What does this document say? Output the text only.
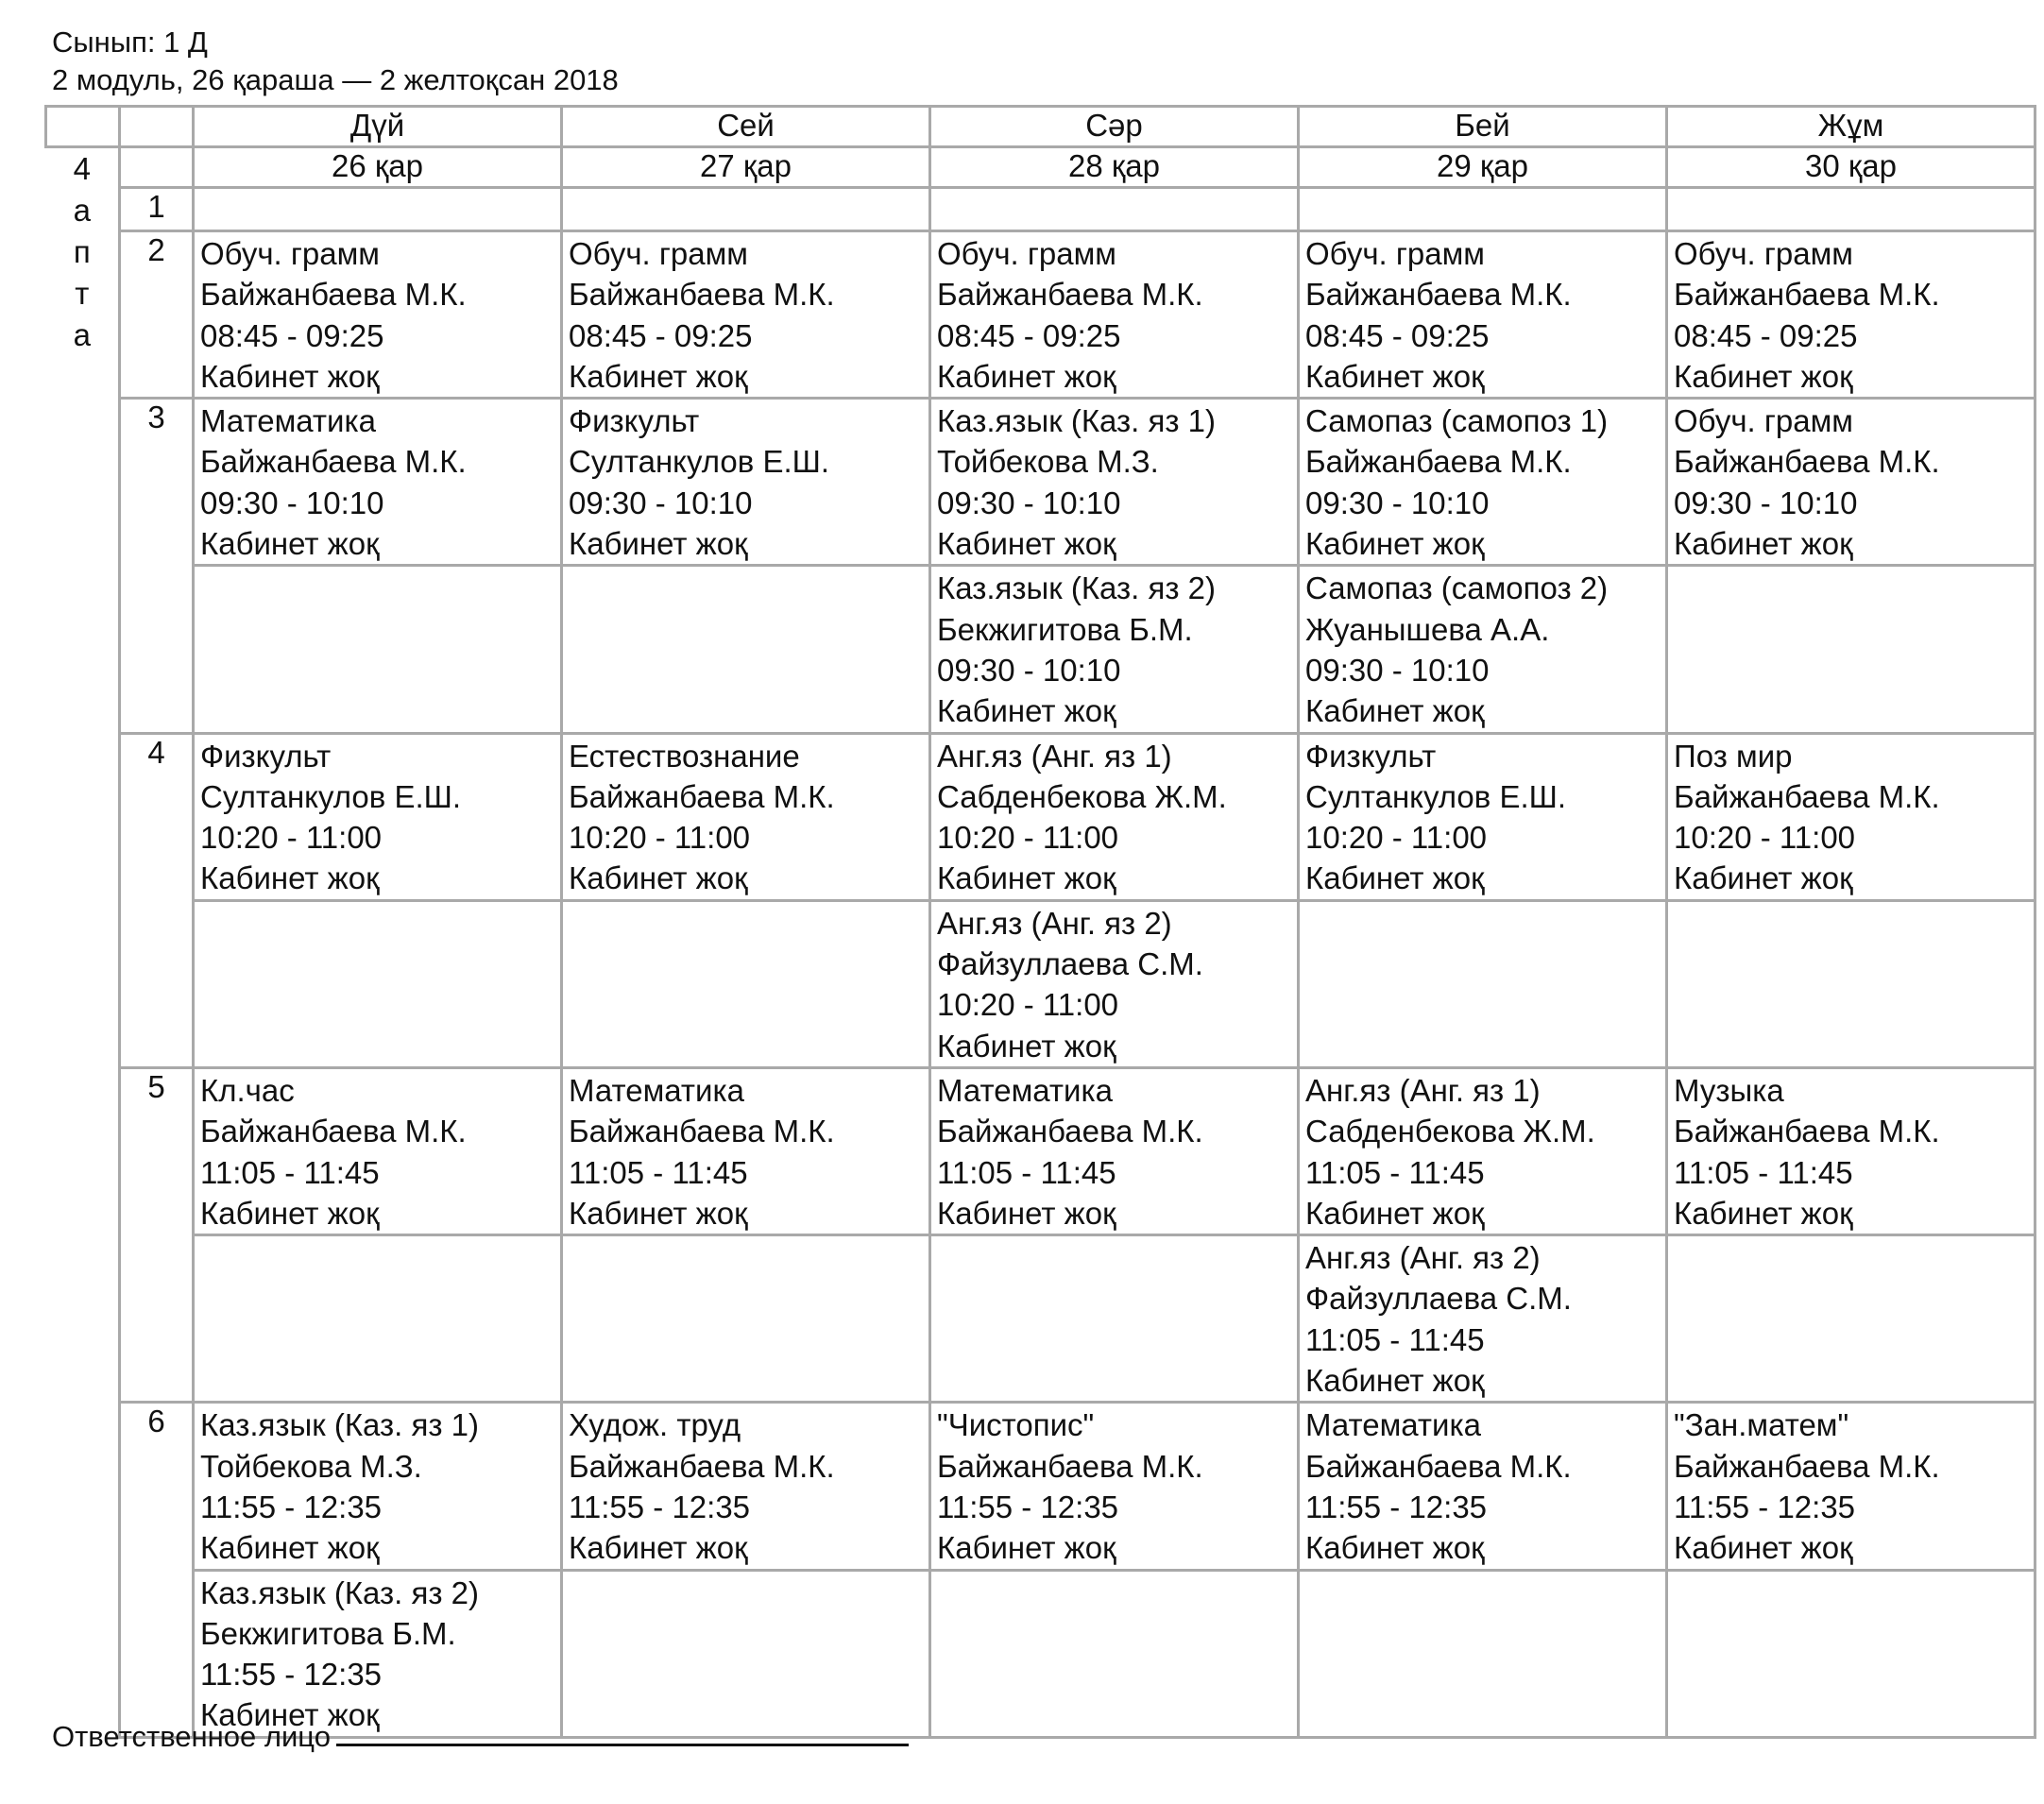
Сынып: 1 Д
2 модуль, 26 қараша — 2 желтоқсан 2018
		Дүй	Сей	Сәр	Бей	Жұм

4
а
п
т
а		26 қар	27 қар	28 қар	29 қар	30 қар
	1					
	2	Обуч. грамм
Байжанбаева М.К.
08:45 - 09:25
Кабинет жоқ	Обуч. грамм
Байжанбаева М.К.
08:45 - 09:25
Кабинет жоқ	Обуч. грамм
Байжанбаева М.К.
08:45 - 09:25
Кабинет жоқ	Обуч. грамм
Байжанбаева М.К.
08:45 - 09:25
Кабинет жоқ	Обуч. грамм
Байжанбаева М.К.
08:45 - 09:25
Кабинет жоқ

	3	Математика
Байжанбаева М.К.
09:30 - 10:10
Кабинет жоқ	Физкульт
Султанкулов Е.Ш.
09:30 - 10:10
Кабинет жоқ	Каз.язык (Каз. яз 1)
Тойбекова М.З.
09:30 - 10:10
Кабинет жоқ	Самопаз (самопоз 1)
Байжанбаева М.К.
09:30 - 10:10
Кабинет жоқ	Обуч. грамм
Байжанбаева М.К.
09:30 - 10:10
Кабинет жоқ

				Каз.язык (Каз. яз 2)
Бекжигитова Б.М.
09:30 - 10:10
Кабинет жоқ	Самопаз (самопоз 2)
Жуанышева А.А.
09:30 - 10:10
Кабинет жоқ	

	4	Физкульт
Султанкулов Е.Ш.
10:20 - 11:00
Кабинет жоқ	Естествознание
Байжанбаева М.К.
10:20 - 11:00
Кабинет жоқ	Анг.яз (Анг. яз 1)
Сабденбекова Ж.М.
10:20 - 11:00
Кабинет жоқ	Физкульт
Султанкулов Е.Ш.
10:20 - 11:00
Кабинет жоқ	Поз мир
Байжанбаева М.К.
10:20 - 11:00
Кабинет жоқ

				Анг.яз (Анг. яз 2)
Файзуллаева С.М.
10:20 - 11:00
Кабинет жоқ		

	5	Кл.час
Байжанбаева М.К.
11:05 - 11:45
Кабинет жоқ	Математика
Байжанбаева М.К.
11:05 - 11:45
Кабинет жоқ	Математика
Байжанбаева М.К.
11:05 - 11:45
Кабинет жоқ	Анг.яз (Анг. яз 1)
Сабденбекова Ж.М.
11:05 - 11:45
Кабинет жоқ	Музыка
Байжанбаева М.К.
11:05 - 11:45
Кабинет жоқ

					Анг.яз (Анг. яз 2)
Файзуллаева С.М.
11:05 - 11:45
Кабинет жоқ	

	6	Каз.язык (Каз. яз 1)
Тойбекова М.З.
11:55 - 12:35
Кабинет жоқ	Худож. труд
Байжанбаева М.К.
11:55 - 12:35
Кабинет жоқ	"Чистопис"
Байжанбаева М.К.
11:55 - 12:35
Кабинет жоқ	Математика
Байжанбаева М.К.
11:55 - 12:35
Кабинет жоқ	"Зан.матем"
Байжанбаева М.К.
11:55 - 12:35
Кабинет жоқ

		Каз.язык (Каз. яз 2)
Бекжигитова Б.М.
11:55 - 12:35
Кабинет жоқ				

Ответственное лицо
